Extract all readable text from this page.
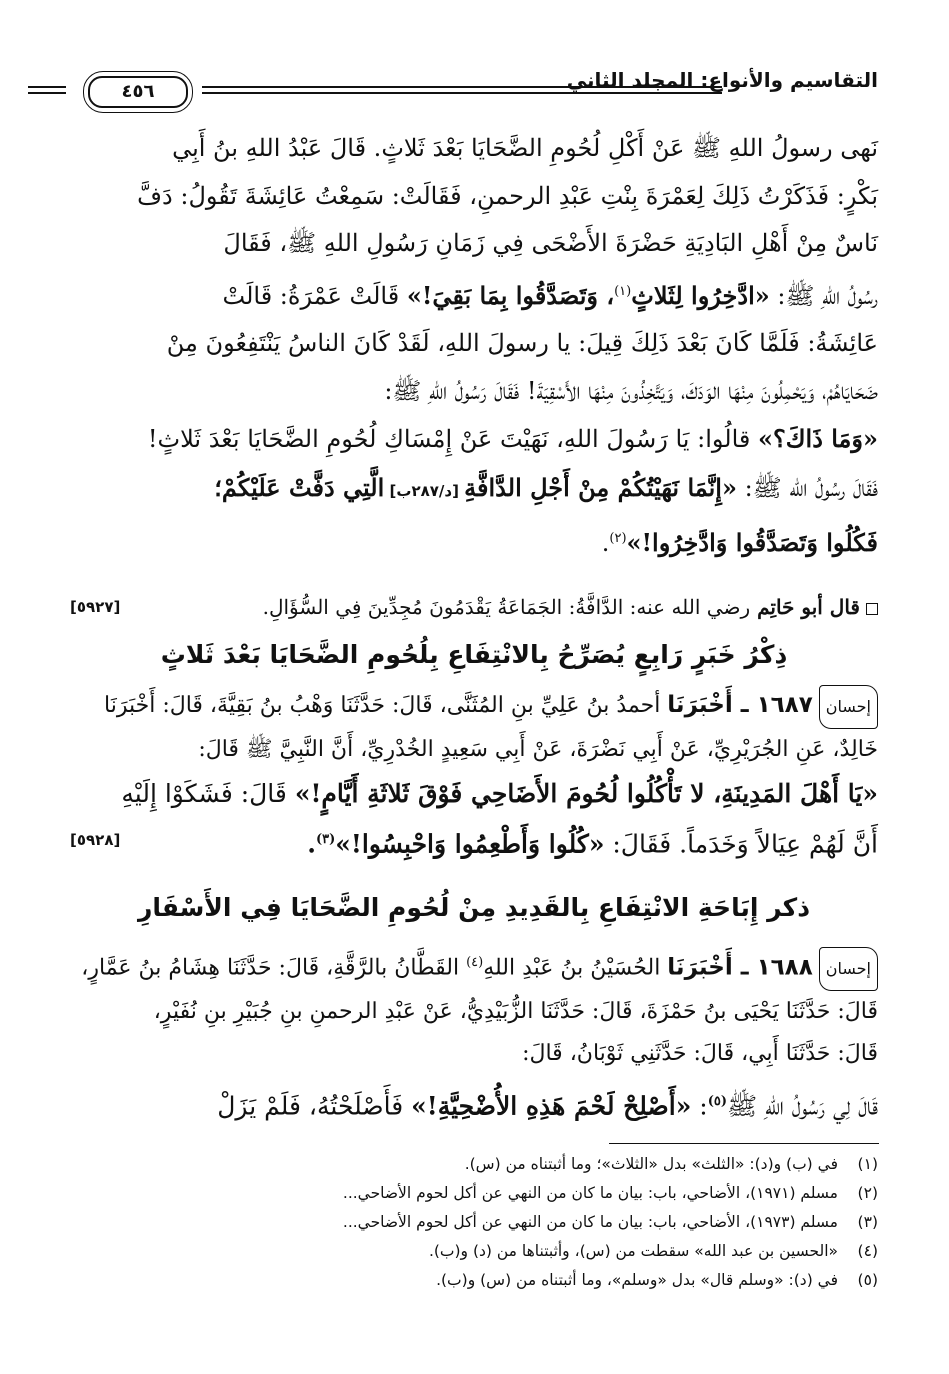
التقاسيم والأنواع: المجلد الثاني
٤٥٦

نَهى رسولُ اللهِ ﷺ عَنْ أَكْلِ لُحُومِ الضَّحَايَا بَعْدَ ثَلاثٍ. قَالَ عَبْدُ اللهِ بنُ أَبِي

بَكْرٍ: فَذَكَرْتُ ذَلِكَ لِعَمْرَةَ بِنْتِ عَبْدِ الرحمنِ، فَقَالَتْ: سَمِعْتُ عَائِشَةَ تَقُولُ: دَفَّ

نَاسٌ مِنْ أَهْلِ البَادِيَةِ حَضْرَةَ الأَضْحَى فِي زَمَانِ رَسُولِ اللهِ ﷺ، فَقَالَ

رسُولُ اللهِ ﷺ: «ادَّخِرُوا لِثَلاثٍ$^{(١)}$، وَتَصَدَّقُوا بِمَا بَقِيَ!» قَالَتْ عَمْرَةُ: قَالَتْ

عَائِشَةُ: فَلَمَّا كَانَ بَعْدَ ذَلِكَ قِيلَ: يا رسولَ اللهِ، لَقَدْ كَانَ الناسُ يَنْتَفِعُونَ مِنْ

ضَحَايَاهُمْ، وَيَحْمِلُونَ مِنْهَا الوَدَكَ، وَيَتَّخِذُونَ مِنْهَا الأَسْقِيَةَ! فَقَالَ رَسُولُ اللهِ ﷺ:

«وَمَا ذَاكَ؟» قالُوا: يَا رَسُولَ اللهِ، نَهَيْتَ عَنْ إِمْسَاكِ لُحُومِ الضَّحَايَا بَعْدَ ثَلاثٍ!

فَقَالَ رسُولُ الله ﷺ: «إِنَّمَا نَهَيْتُكُمْ مِنْ أَجْلِ الدَّافَّةِ [د/٢٨٧ب] الَّتِي دَفَّتْ عَلَيْكُمْ؛

فَكُلُوا وَتَصَدَّقُوا وَادَّخِرُوا!»$^{(٢)}$.

قال أبو حَاتِم رضي الله عنه: الدَّافَّةُ: الجَمَاعَةُ يَقْدَمُونَ مُجِدِّينَ فِي السُّؤَالِ.
[٥٩٢٧]
ذِكْرُ خَبَرٍ رَابِعٍ يُصَرِّحُ بِالانْتِفَاعِ بِلُحُومِ الضَّحَايَا بَعْدَ ثَلاثٍ

إحسان١٦٨٧ ـ أَخْبَرَنَا أحمدُ بنُ عَلِيِّ بنِ المُثَنَّى، قَالَ: حَدَّثَنَا وَهْبُ بنُ بَقِيَّةَ، قَالَ: أَخْبَرَنَا

خَالِدٌ، عَنِ الجُرَيْرِيِّ، عَنْ أَبِي نَضْرَةَ، عَنْ أَبِي سَعِيدٍ الخُدْرِيِّ، أَنَّ النَّبِيَّ ﷺ قَالَ:

«يَا أَهْلَ المَدِينَةِ، لا تَأْكُلُوا لُحُومَ الأَضَاحِي فَوْقَ ثَلاثَةِ أَيَّامٍ!» قَالَ: فَشَكَوْا إِلَيْهِ

أَنَّ لَهُمْ عِيَالاً وَخَدَماً. فَقَالَ: «كُلُوا وَأَطْعِمُوا وَاحْبِسُوا!»$^{(٣)}$.
[٥٩٢٨]

ذكر إِبَاحَةِ الانْتِفَاعِ بِالقَدِيدِ مِنْ لُحُومِ الضَّحَايَا فِي الأَسْفَارِ

إحسان١٦٨٨ ـ أَخْبَرَنَا الحُسَيْنُ بنُ عَبْدِ اللهِ$^{(٤)}$ القَطَّانُ بالرَّقَّةِ، قَالَ: حَدَّثَنَا هِشَامُ بنُ عَمَّارٍ،

قَالَ: حَدَّثَنَا يَحْيَى بنُ حَمْزَةَ، قَالَ: حَدَّثَنَا الزُّبَيْدِيُّ، عَنْ عَبْدِ الرحمنِ بنِ جُبَيْرِ بنِ نُفَيْرٍ،

قَالَ: حَدَّثَنَا أَبِي، قَالَ: حَدَّثَنِي ثَوْبَانُ، قَالَ:

قَالَ لِي رَسُولُ اللهِ ﷺ$^{(٥)}$: «أَصْلِحْ لَحْمَ هَذِهِ الأُضْحِيَّةِ!» فَأَصْلَحْتُهُ، فَلَمْ يَزَلْ

(١)في (ب) و(د): «الثلث» بدل «الثلاث»؛ وما أثبتناه من (س).
(٢)مسلم (١٩٧١)، الأضاحي، باب: بيان ما كان من النهي عن أكل لحوم الأضاحي...
(٣)مسلم (١٩٧٣)، الأضاحي، باب: بيان ما كان من النهي عن أكل لحوم الأضاحي...
(٤)«الحسين بن عبد الله» سقطت من (س)، وأثبتناها من (د) و(ب).
(٥)في (د): «وسلم قال» بدل «وسلم»، وما أثبتناه من (س) و(ب).
